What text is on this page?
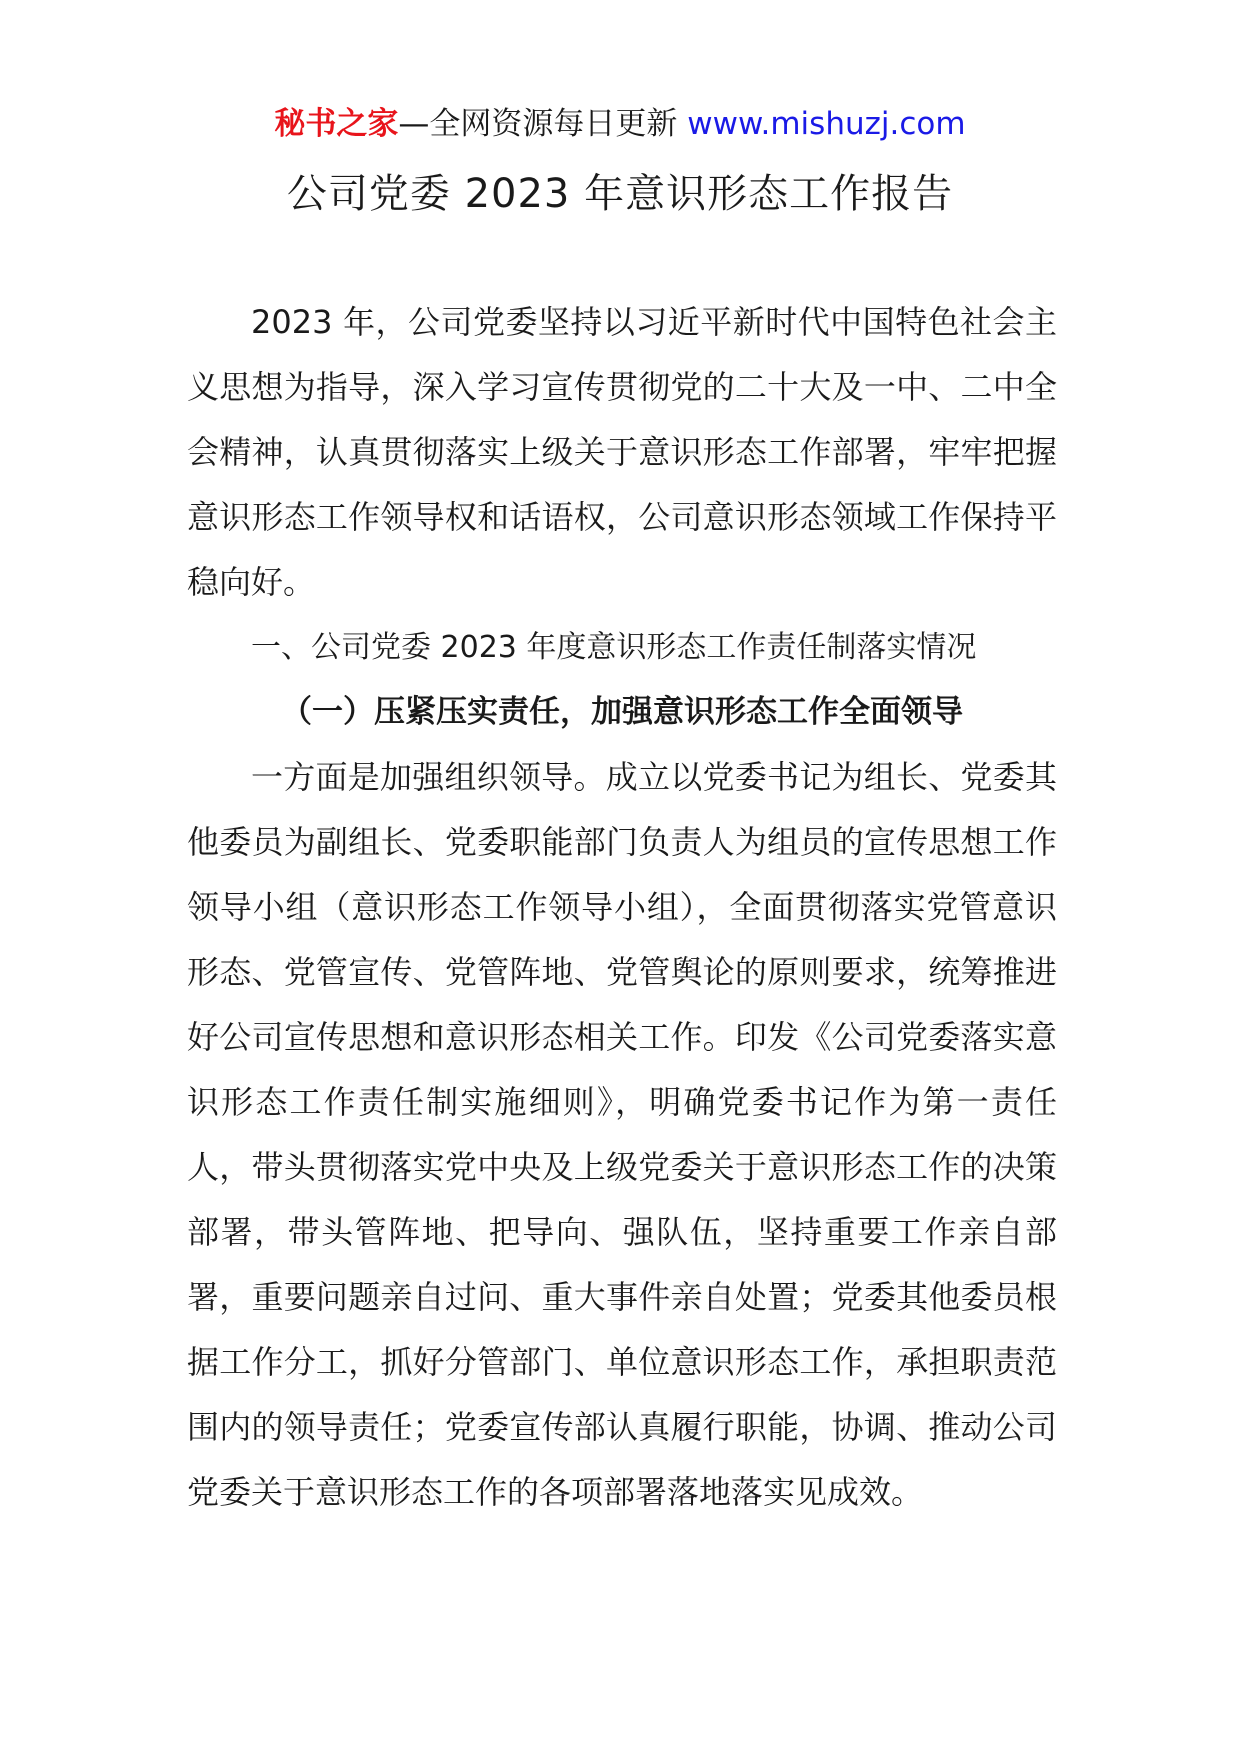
秘书之家—全网资源每日更新 www.mishuzj.com
公司党委 2023 年意识形态工作报告

2023 年，公司党委坚持以习近平新时代中国特色社会主义思想为指导，深入学习宣传贯彻党的二十大及一中、二中全会精神，认真贯彻落实上级关于意识形态工作部署，牢牢把握意识形态工作领导权和话语权，公司意识形态领域工作保持平稳向好。

一、公司党委 2023 年度意识形态工作责任制落实情况

（一）压紧压实责任，加强意识形态工作全面领导

一方面是加强组织领导。成立以党委书记为组长、党委其他委员为副组长、党委职能部门负责人为组员的宣传思想工作领导小组（意识形态工作领导小组），全面贯彻落实党管意识形态、党管宣传、党管阵地、党管舆论的原则要求，统筹推进好公司宣传思想和意识形态相关工作。印发《公司党委落实意识形态工作责任制实施细则》，明确党委书记作为第一责任人，带头贯彻落实党中央及上级党委关于意识形态工作的决策部署，带头管阵地、把导向、强队伍，坚持重要工作亲自部署，重要问题亲自过问、重大事件亲自处置；党委其他委员根据工作分工，抓好分管部门、单位意识形态工作，承担职责范围内的领导责任；党委宣传部认真履行职能，协调、推动公司党委关于意识形态工作的各项部署落地落实见成效。
